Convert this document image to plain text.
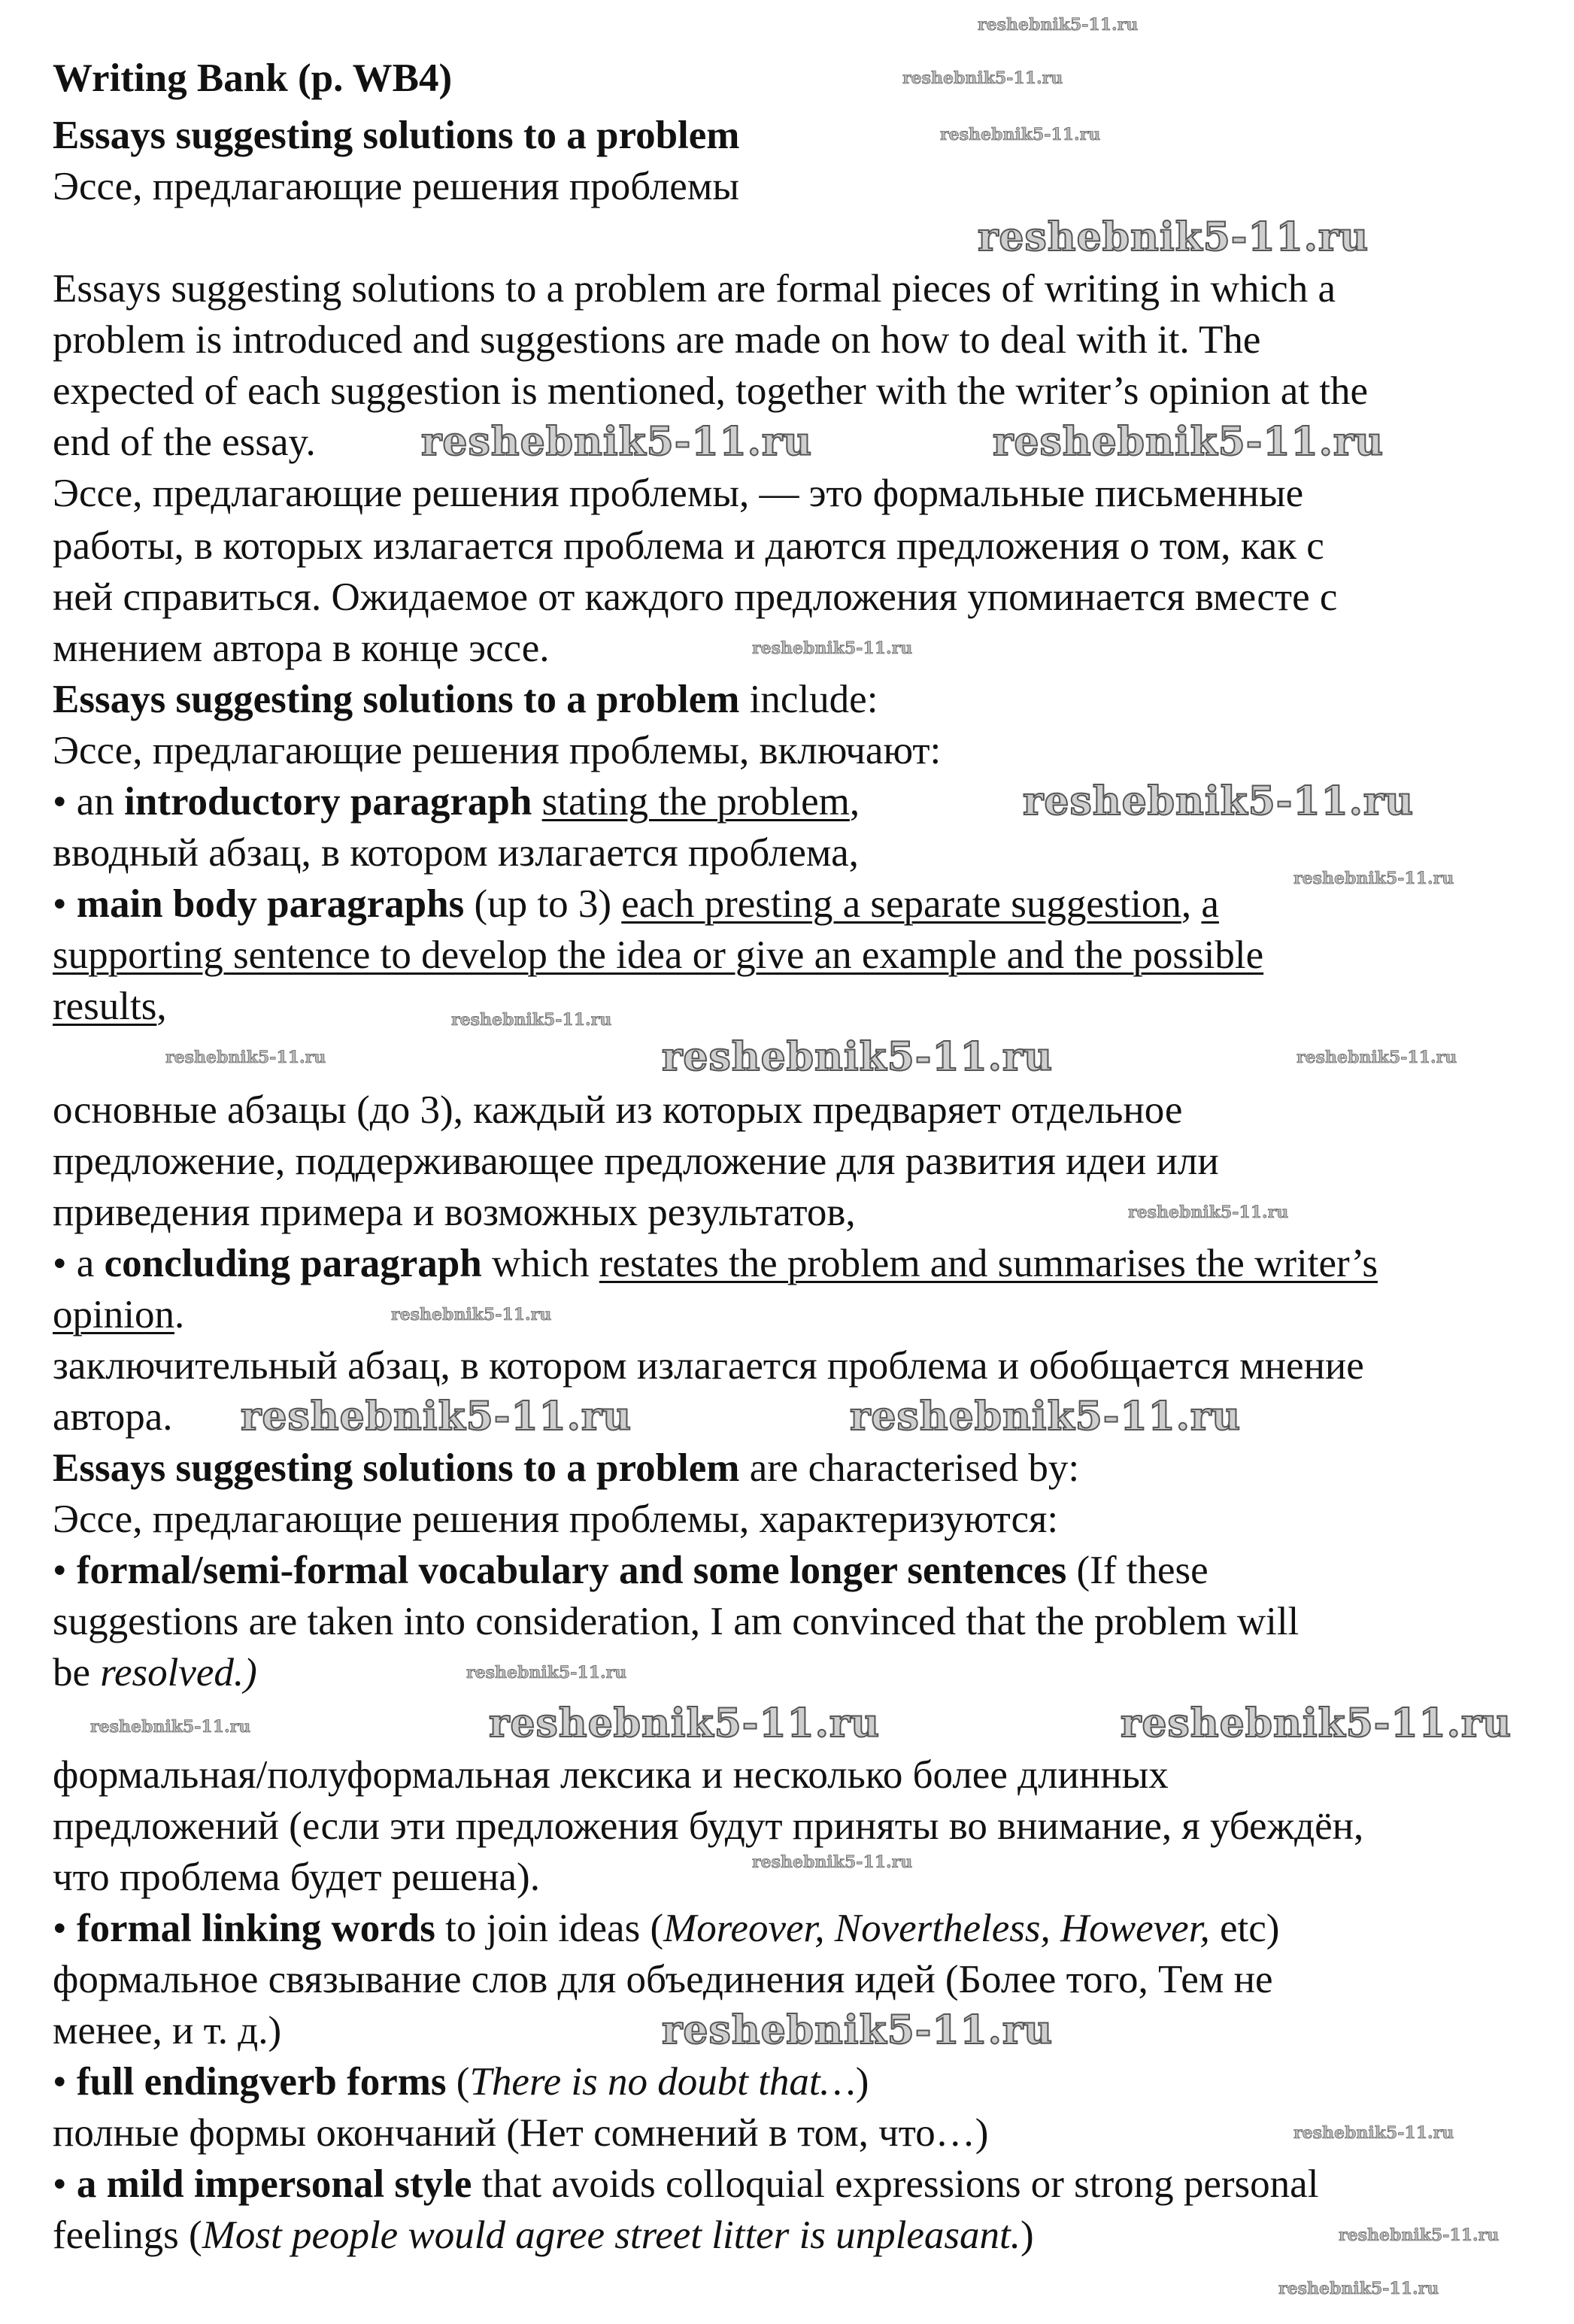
Writing Bank (p. WB4)
Essays suggesting solutions to a problem
Эссе, предлагающие решения проблемы
Essays suggesting solutions to a problem are formal pieces of writing in which a
problem is introduced and suggestions are made on how to deal with it. The
expected of each suggestion is mentioned, together with the writer’s opinion at the
end of the essay.
Эссе, предлагающие решения проблемы, — это формальные письменные
работы, в которых излагается проблема и даются предложения о том, как с
ней справиться. Ожидаемое от каждого предложения упоминается вместе с
мнением автора в конце эссе.
Essays suggesting solutions to a problem include:
Эссе, предлагающие решения проблемы, включают:
• an introductory paragraph stating the problem,
вводный абзац, в котором излагается проблема,
• main body paragraphs (up to 3) each presting a separate suggestion, a
supporting sentence to develop the idea or give an example and the possible
results,
основные абзацы (до 3), каждый из которых предваряет отдельное
предложение, поддерживающее предложение для развития идеи или
приведения примера и возможных результатов,
• a concluding paragraph which restates the problem and summarises the writer’s
opinion.
заключительный абзац, в котором излагается проблема и обобщается мнение
автора.
Essays suggesting solutions to a problem are characterised by:
Эссе, предлагающие решения проблемы, характеризуются:
• formal/semi-formal vocabulary and some longer sentences (If these
suggestions are taken into consideration, I am convinced that the problem will
be resolved.)
формальная/полуформальная лексика и несколько более длинных
предложений (если эти предложения будут приняты во внимание, я убеждён,
что проблема будет решена).
• formal linking words to join ideas (Moreover, Novertheless, However, etc)
формальное связывание слов для объединения идей (Более того, Тем не
менее, и т. д.)
• full endingverb forms (There is no doubt that…)
полные формы окончаний (Нет сомнений в том, что…)
• a mild impersonal style that avoids colloquial expressions or strong personal
feelings (Most people would agree street litter is unpleasant.)
reshebnik5-11.ru
reshebnik5-11.ru	reshebnik5-11.ru
reshebnik5-11.ru
reshebnik5-11.ru
reshebnik5-11.ru	reshebnik5-11.ru
reshebnik5-11.ru	reshebnik5-11.ru
reshebnik5-11.ru
reshebnik5-11.ru
reshebnik5-11.ru
reshebnik5-11.ru
reshebnik5-11.ru
reshebnik5-11.ru	reshebnik5-11.ru
reshebnik5-11.ru
reshebnik5-11.ru
reshebnik5-11.ru
reshebnik5-11.ru
reshebnik5-11.ru
reshebnik5-11.ru
reshebnik5-11.ru
reshebnik5-11.ru
reshebnik5-11.ru
reshebnik5-11.ru
